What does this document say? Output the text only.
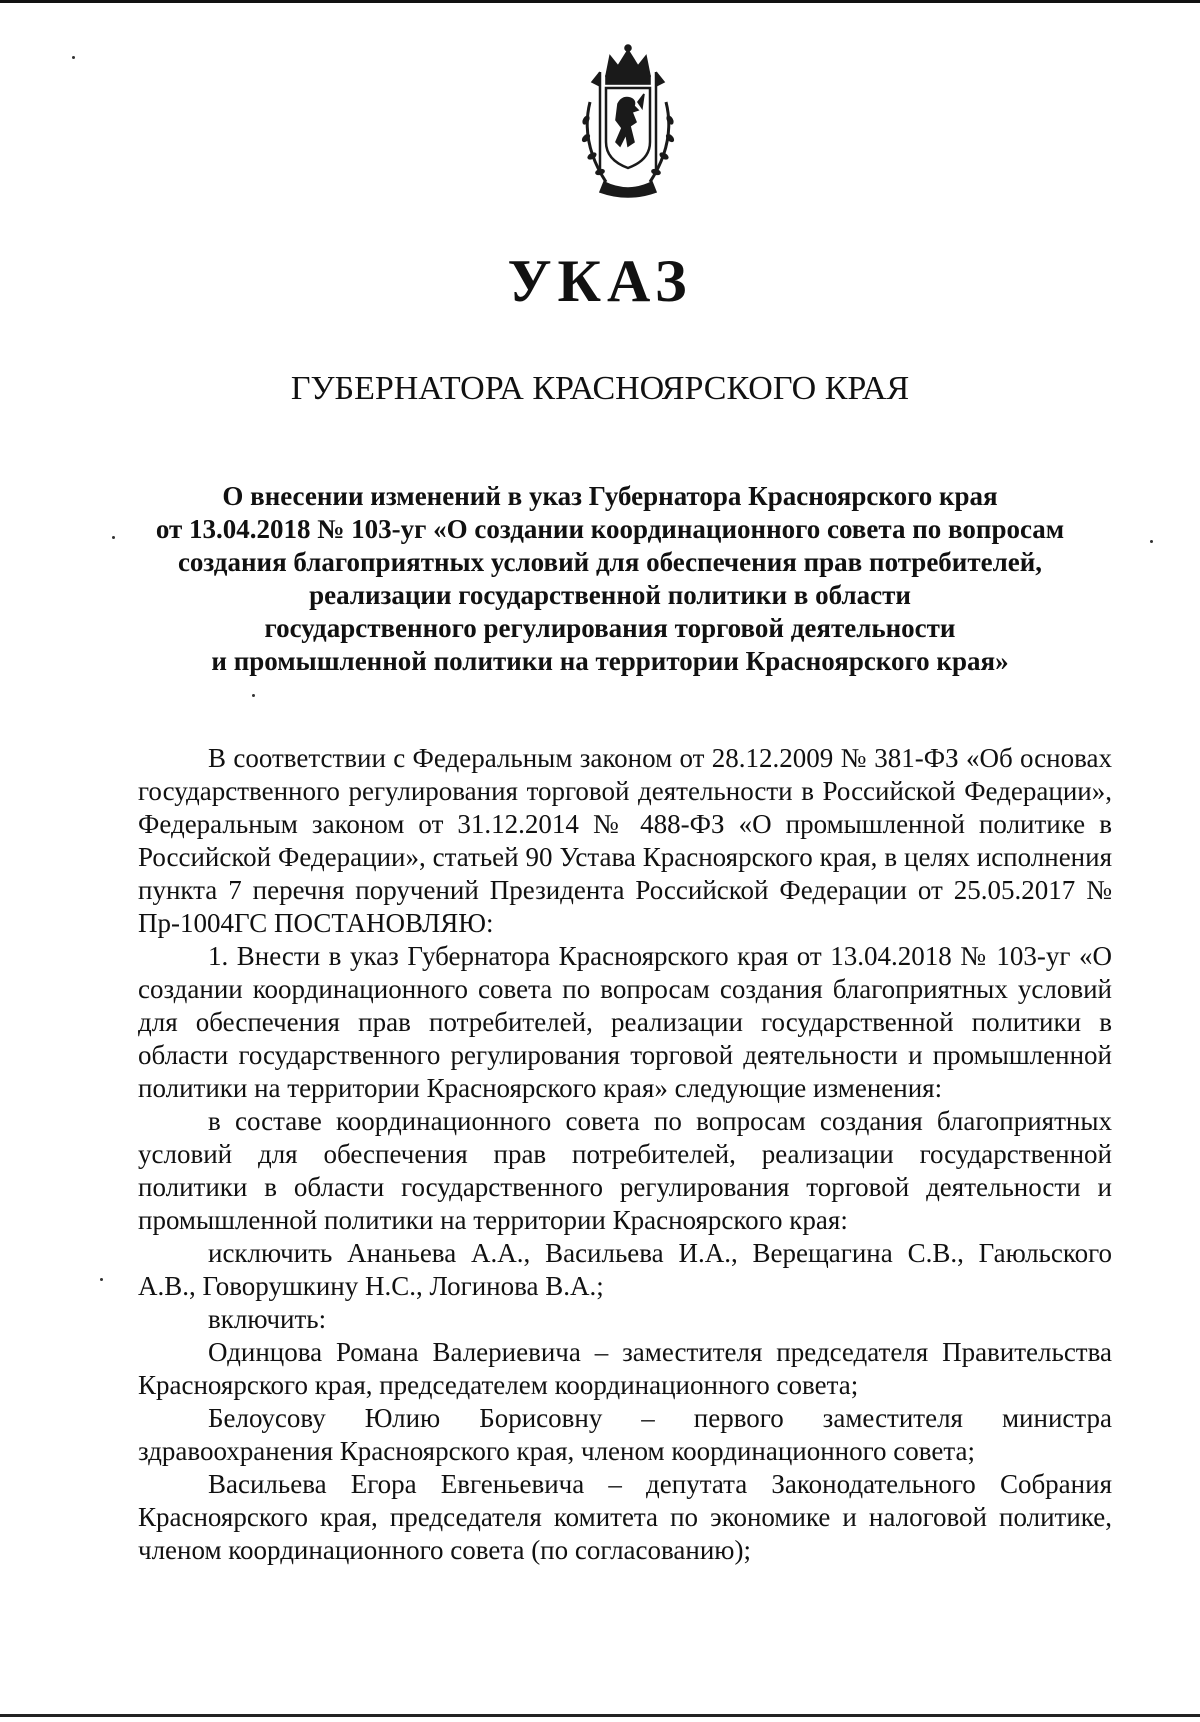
УКАЗ
ГУБЕРНАТОРА КРАСНОЯРСКОГО КРАЯ
О внесении изменений в указ Губернатора Красноярского края
от 13.04.2018 № 103-уг «О создании координационного совета по вопросам
создания благоприятных условий для обеспечения прав потребителей,
реализации государственной политики в области
государственного регулирования торговой деятельности
и промышленной политики на территории Красноярского края»

В соответствии с Федеральным законом от 28.12.2009 № 381-ФЗ «Об основах государственного регулирования торговой деятельности в Российской Федерации», Федеральным законом от 31.12.2014 № 488-ФЗ «О промышленной политике в Российской Федерации», статьей 90 Устава Красноярского края, в целях исполнения пункта 7 перечня поручений Президента Российской Федерации от 25.05.2017 № Пр-1004ГС ПОСТАНОВЛЯЮ:

1. Внести в указ Губернатора Красноярского края от 13.04.2018 № 103-уг «О создании координационного совета по вопросам создания благоприятных условий для обеспечения прав потребителей, реализации государственной политики в области государственного регулирования торговой деятельности и промышленной политики на территории Красноярского края» следующие изменения:

в составе координационного совета по вопросам создания благоприятных условий для обеспечения прав потребителей, реализации государственной политики в области государственного регулирования торговой деятельности и промышленной политики на территории Красноярского края:

исключить Ананьева А.А., Васильева И.А., Верещагина С.В., Гаюльского А.В., Говорушкину Н.С., Логинова В.А.;

включить:

Одинцова Романа Валериевича – заместителя председателя Правительства Красноярского края, председателем координационного совета;

Белоусову Юлию Борисовну – первого заместителя министра здравоохранения Красноярского края, членом координационного совета;

Васильева Егора Евгеньевича – депутата Законодательного Собрания Красноярского края, председателя комитета по экономике и налоговой политике, членом координационного совета (по согласованию);
